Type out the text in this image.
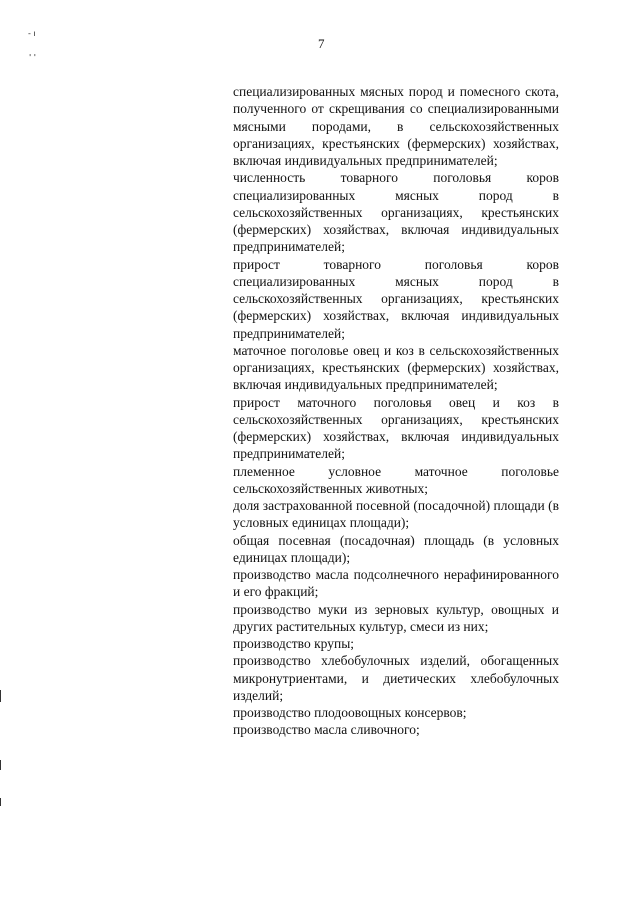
7
- ı
' '

специализированных мясных пород и помесного скота, полученного от скрещивания со специализированными мясными породами, в сельскохозяйственных организациях, крестьянских (фермерских) хозяйствах, включая индивидуальных предпринимателей;

численность товарного поголовья коров специализированных мясных пород в сельскохозяйственных организациях, крестьянских (фермерских) хозяйствах, включая индивидуальных предпринимателей;

прирост товарного поголовья коров специализированных мясных пород в сельскохозяйственных организациях, крестьянских (фермерских) хозяйствах, включая индивидуальных предпринимателей;

маточное поголовье овец и коз в сельскохозяйственных организациях, крестьянских (фермерских) хозяйствах, включая индивидуальных предпринимателей;

прирост маточного поголовья овец и коз в сельскохозяйственных организациях, крестьянских (фермерских) хозяйствах, включая индивидуальных предпринимателей;

племенное условное маточное поголовье сельскохозяйственных животных;

доля застрахованной посевной (посадочной) площади (в условных единицах площади);

общая посевная (посадочная) площадь (в условных единицах площади);

производство масла подсолнечного нерафинированного и его фракций;

производство муки из зерновых культур, овощных и других растительных культур, смеси из них;

производство крупы;

производство хлебобулочных изделий, обогащенных микронутриентами, и диетических хлебобулочных изделий;

производство плодоовощных консервов;

производство масла сливочного;
